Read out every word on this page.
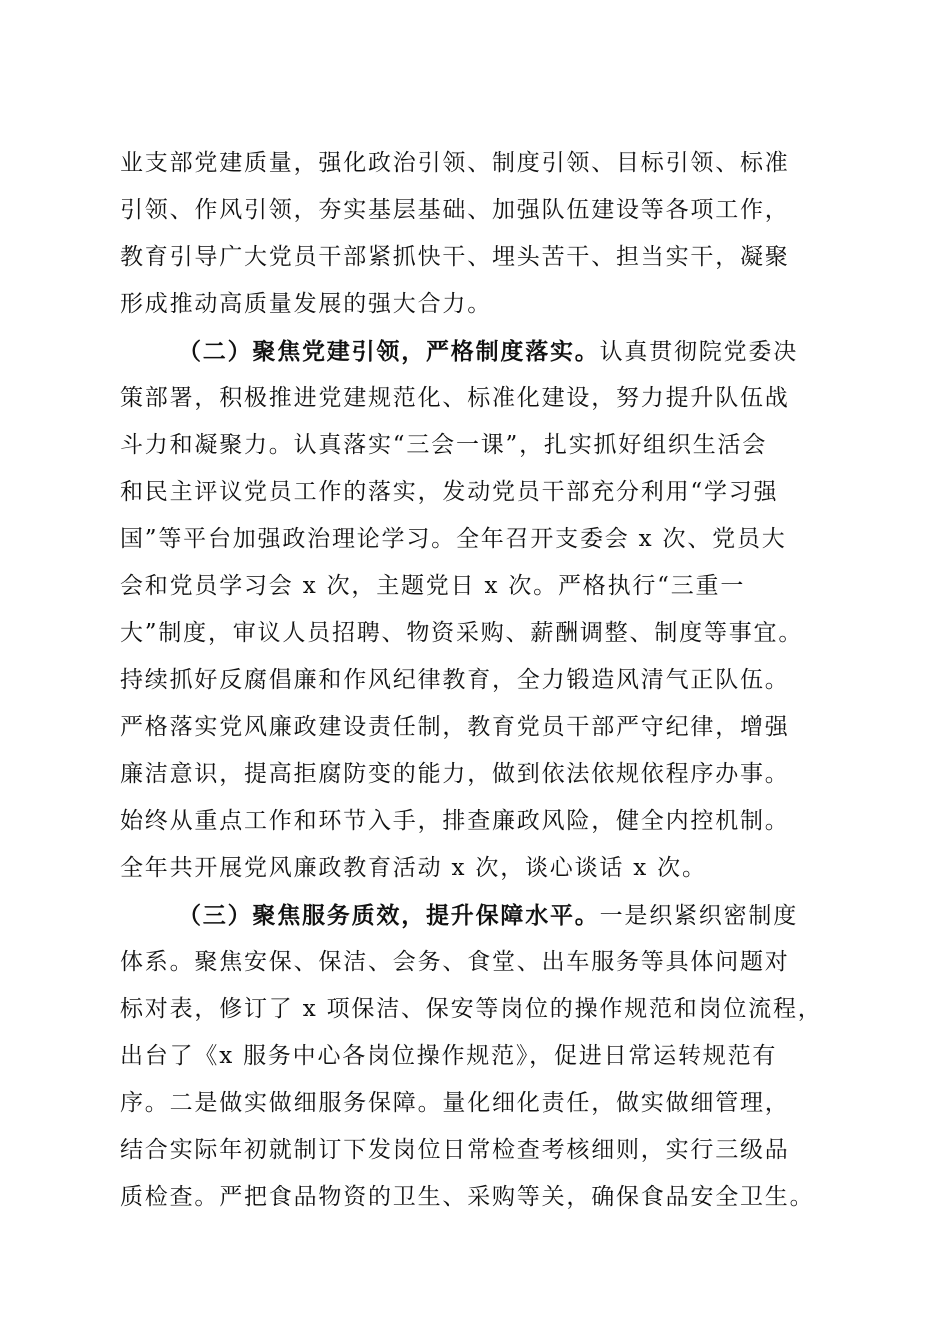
业支部党建质量，强化政治引领、制度引领、目标引领、标准
引领、作风引领，夯实基层基础、加强队伍建设等各项工作，
教育引导广大党员干部紧抓快干、埋头苦干、担当实干，凝聚
形成推动高质量发展的强大合力。
（二）聚焦党建引领，严格制度落实。认真贯彻院党委决
策部署，积极推进党建规范化、标准化建设，努力提升队伍战
斗力和凝聚力。认真落实“三会一课”，扎实抓好组织生活会
和民主评议党员工作的落实，发动党员干部充分利用“学习强
国”等平台加强政治理论学习。全年召开支委会 x 次、党员大
会和党员学习会 x 次，主题党日 x 次。严格执行“三重一
大”制度，审议人员招聘、物资采购、薪酬调整、制度等事宜。
持续抓好反腐倡廉和作风纪律教育，全力锻造风清气正队伍。
严格落实党风廉政建设责任制，教育党员干部严守纪律，增强
廉洁意识，提高拒腐防变的能力，做到依法依规依程序办事。
始终从重点工作和环节入手，排查廉政风险，健全内控机制。
全年共开展党风廉政教育活动 x 次，谈心谈话 x 次。
（三）聚焦服务质效，提升保障水平。一是织紧织密制度
体系。聚焦安保、保洁、会务、食堂、出车服务等具体问题对
标对表，修订了 x 项保洁、保安等岗位的操作规范和岗位流程，
出台了《x 服务中心各岗位操作规范》，促进日常运转规范有
序。二是做实做细服务保障。量化细化责任，做实做细管理，
结合实际年初就制订下发岗位日常检查考核细则，实行三级品
质检查。严把食品物资的卫生、采购等关，确保食品安全卫生。
